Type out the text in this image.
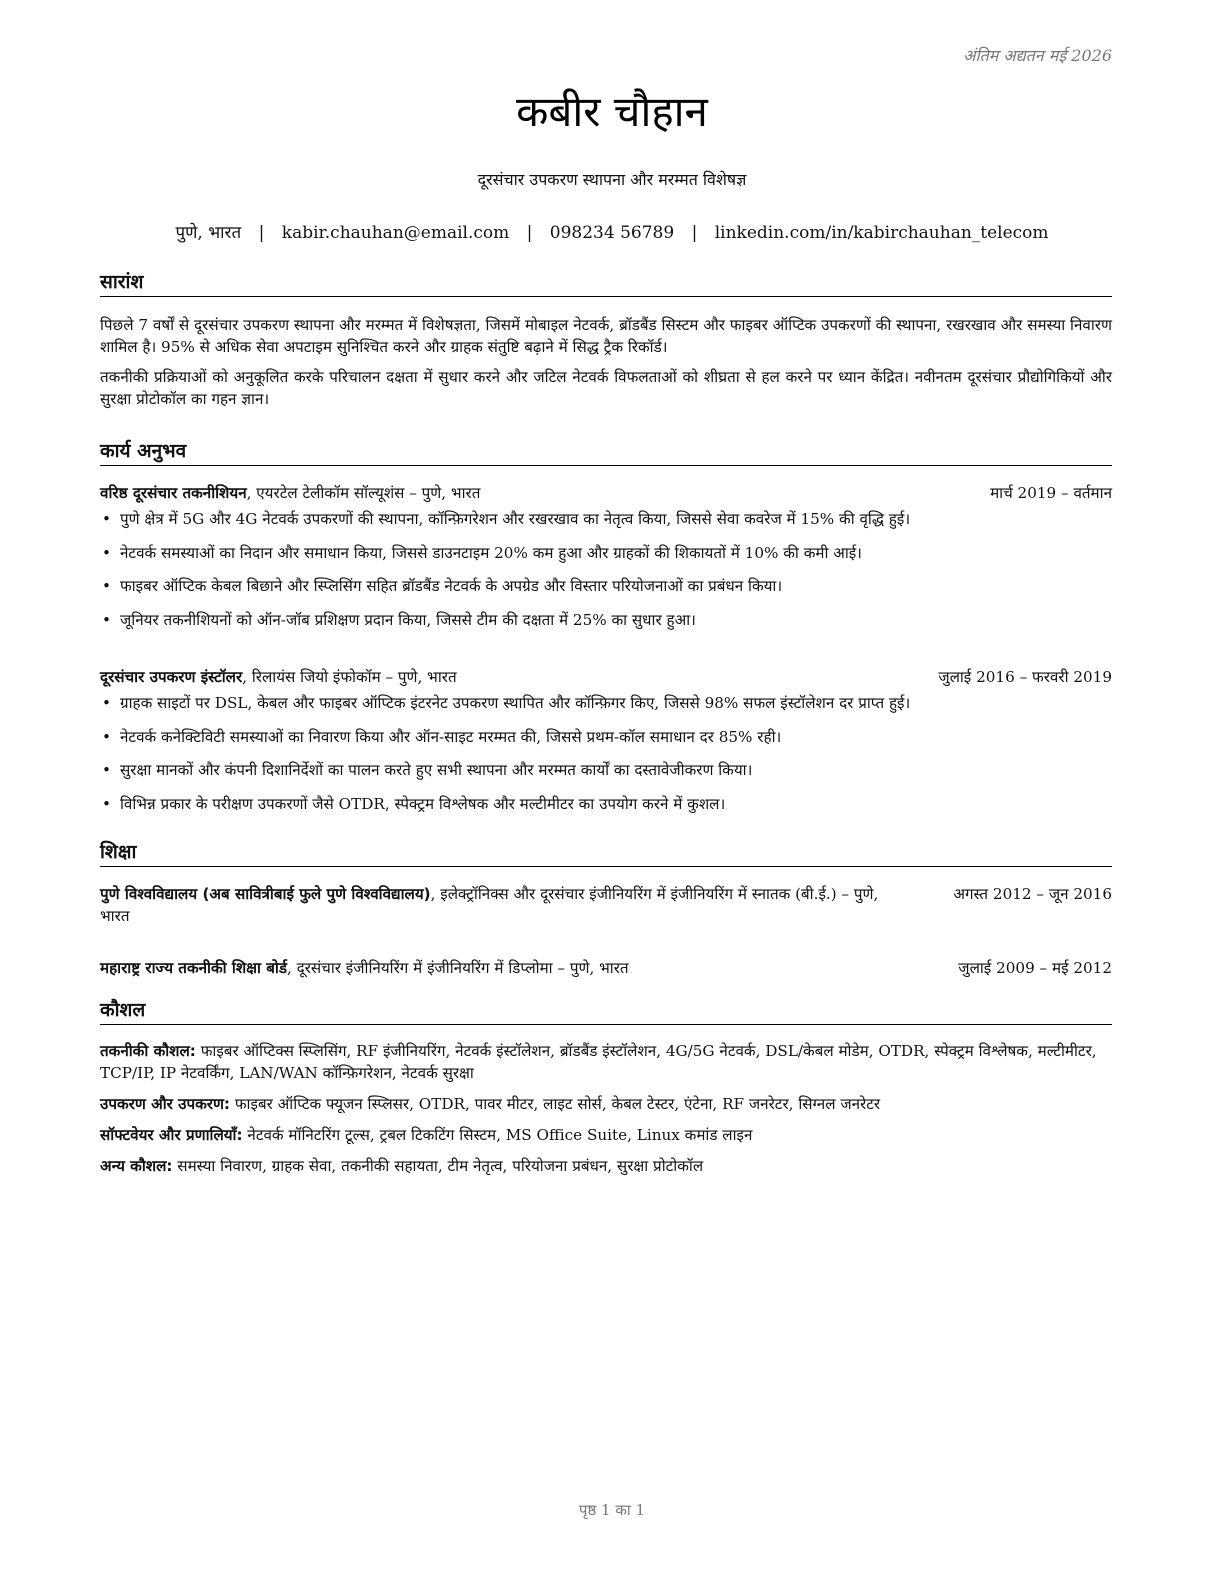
अंतिम अद्यतन मई 2026
कबीर चौहान
दूरसंचार उपकरण स्थापना और मरम्मत विशेषज्ञ
पुणे, भारत | kabir.chauhan@email.com | 098234 56789 | linkedin.com/in/kabirchauhan_telecom
सारांश

पिछले 7 वर्षों से दूरसंचार उपकरण स्थापना और मरम्मत में विशेषज्ञता, जिसमें मोबाइल नेटवर्क, ब्रॉडबैंड सिस्टम और फाइबर ऑप्टिक उपकरणों की स्थापना, रखरखाव और समस्या निवारण शामिल है। 95% से अधिक सेवा अपटाइम सुनिश्चित करने और ग्राहक संतुष्टि बढ़ाने में सिद्ध ट्रैक रिकॉर्ड।

तकनीकी प्रक्रियाओं को अनुकूलित करके परिचालन दक्षता में सुधार करने और जटिल नेटवर्क विफलताओं को शीघ्रता से हल करने पर ध्यान केंद्रित। नवीनतम दूरसंचार प्रौद्योगिकियों और सुरक्षा प्रोटोकॉल का गहन ज्ञान।

कार्य अनुभव
वरिष्ठ दूरसंचार तकनीशियन, एयरटेल टेलीकॉम सॉल्यूशंस – पुणे, भारत	मार्च 2019 – वर्तमान
• पुणे क्षेत्र में 5G और 4G नेटवर्क उपकरणों की स्थापना, कॉन्फ़िगरेशन और रखरखाव का नेतृत्व किया, जिससे सेवा कवरेज में 15% की वृद्धि हुई।
• नेटवर्क समस्याओं का निदान और समाधान किया, जिससे डाउनटाइम 20% कम हुआ और ग्राहकों की शिकायतों में 10% की कमी आई।
• फाइबर ऑप्टिक केबल बिछाने और स्प्लिसिंग सहित ब्रॉडबैंड नेटवर्क के अपग्रेड और विस्तार परियोजनाओं का प्रबंधन किया।
• जूनियर तकनीशियनों को ऑन-जॉब प्रशिक्षण प्रदान किया, जिससे टीम की दक्षता में 25% का सुधार हुआ।
दूरसंचार उपकरण इंस्टॉलर, रिलायंस जियो इंफोकॉम – पुणे, भारत	जुलाई 2016 – फरवरी 2019
• ग्राहक साइटों पर DSL, केबल और फाइबर ऑप्टिक इंटरनेट उपकरण स्थापित और कॉन्फ़िगर किए, जिससे 98% सफल इंस्टॉलेशन दर प्राप्त हुई।
• नेटवर्क कनेक्टिविटी समस्याओं का निवारण किया और ऑन-साइट मरम्मत की, जिससे प्रथम-कॉल समाधान दर 85% रही।
• सुरक्षा मानकों और कंपनी दिशानिर्देशों का पालन करते हुए सभी स्थापना और मरम्मत कार्यों का दस्तावेजीकरण किया।
• विभिन्न प्रकार के परीक्षण उपकरणों जैसे OTDR, स्पेक्ट्रम विश्लेषक और मल्टीमीटर का उपयोग करने में कुशल।
शिक्षा
पुणे विश्वविद्यालय (अब सावित्रीबाई फुले पुणे विश्वविद्यालय), इलेक्ट्रॉनिक्स और दूरसंचार इंजीनियरिंग में इंजीनियरिंग में स्नातक (बी.ई.) – पुणे, भारत
अगस्त 2012 – जून 2016
महाराष्ट्र राज्य तकनीकी शिक्षा बोर्ड, दूरसंचार इंजीनियरिंग में इंजीनियरिंग में डिप्लोमा – पुणे, भारत	जुलाई 2009 – मई 2012
कौशल
तकनीकी कौशल: फाइबर ऑप्टिक्स स्प्लिसिंग, RF इंजीनियरिंग, नेटवर्क इंस्टॉलेशन, ब्रॉडबैंड इंस्टॉलेशन, 4G/5G नेटवर्क, DSL/केबल मोडेम, OTDR, स्पेक्ट्रम विश्लेषक, मल्टीमीटर, TCP/IP, IP नेटवर्किंग, LAN/WAN कॉन्फ़िगरेशन, नेटवर्क सुरक्षा
उपकरण और उपकरण: फाइबर ऑप्टिक फ्यूजन स्प्लिसर, OTDR, पावर मीटर, लाइट सोर्स, केबल टेस्टर, एंटेना, RF जनरेटर, सिग्नल जनरेटर
सॉफ्टवेयर और प्रणालियाँ: नेटवर्क मॉनिटरिंग टूल्स, ट्रबल टिकटिंग सिस्टम, MS Office Suite, Linux कमांड लाइन
अन्य कौशल: समस्या निवारण, ग्राहक सेवा, तकनीकी सहायता, टीम नेतृत्व, परियोजना प्रबंधन, सुरक्षा प्रोटोकॉल
पृष्ठ 1 का 1
